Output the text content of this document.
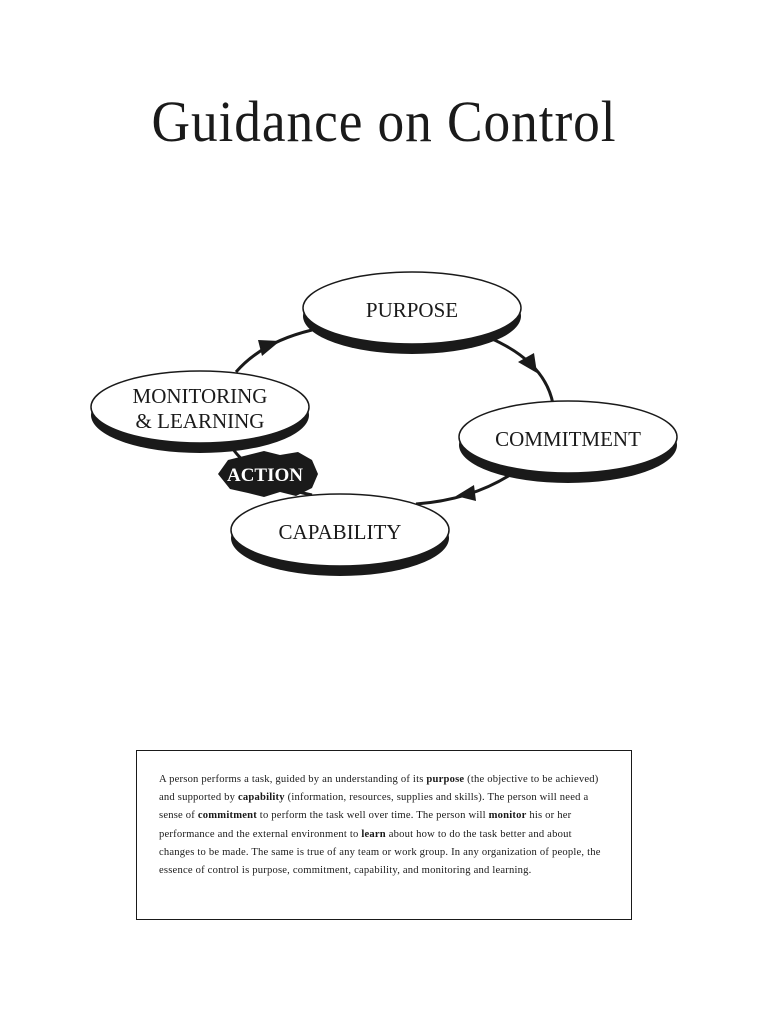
Guidance on Control
PURPOSE
MONITORING
& LEARNING
COMMITMENT
CAPABILITY
ACTION
A person performs a task, guided by an understanding of its purpose (the objective to be achieved) and supported by capability (information, resources, supplies and skills). The person will need a sense of commitment to perform the task well over time. The person will monitor his or her performance and the external environment to learn about how to do the task better and about changes to be made. The same is true of any team or work group. In any organization of people, the essence of control is purpose, commitment, capability, and monitoring and learning.
